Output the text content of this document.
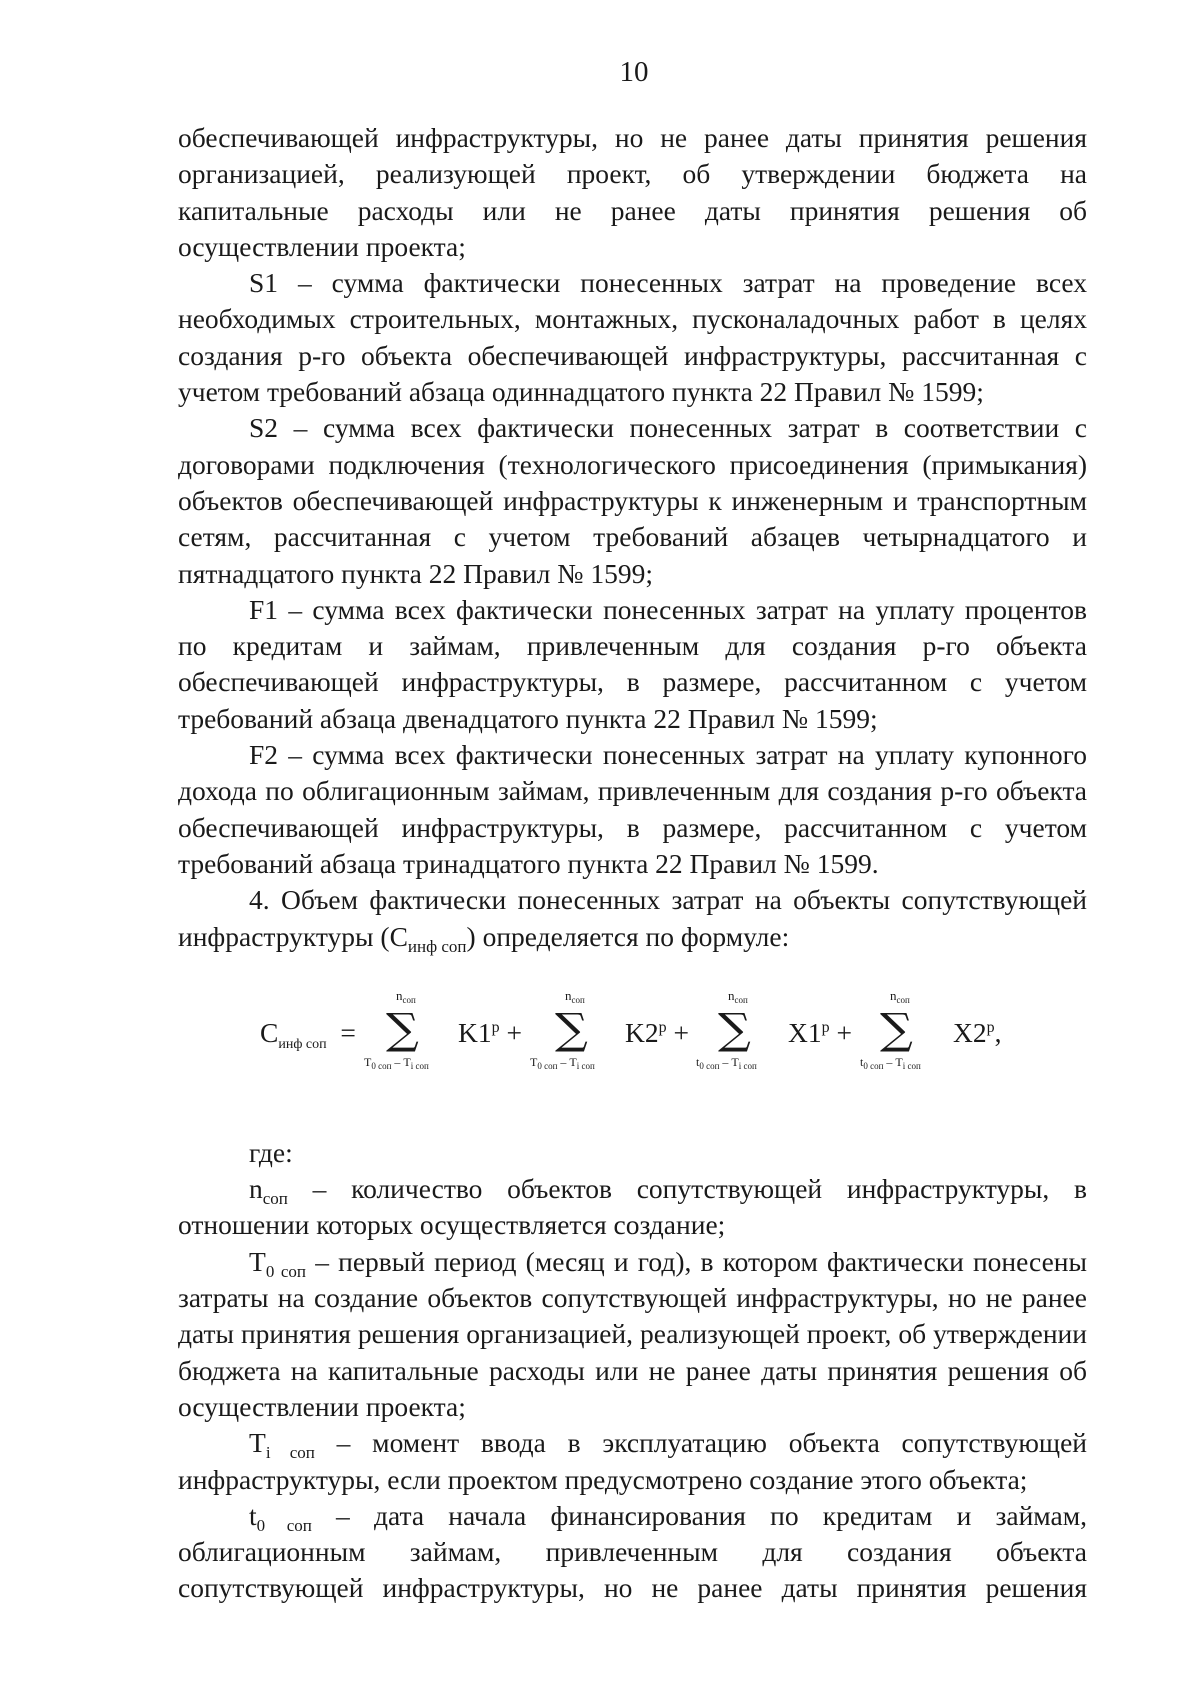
10

обеспечивающей инфраструктуры, но не ранее даты принятия решения организацией, реализующей проект, об утверждении бюджета на капитальные расходы или не ранее даты принятия решения об осуществлении проекта;

S1 – сумма фактически понесенных затрат на проведение всех необходимых строительных, монтажных, пусконаладочных работ в целях создания р-го объекта обеспечивающей инфраструктуры, рассчитанная с учетом требований абзаца одиннадцатого пункта 22 Правил № 1599;

S2 – сумма всех фактически понесенных затрат в соответствии с договорами подключения (технологического присоединения (примыкания) объектов обеспечивающей инфраструктуры к инженерным и транспортным сетям, рассчитанная с учетом требований абзацев четырнадцатого и пятнадцатого пункта 22 Правил № 1599;

F1 – сумма всех фактически понесенных затрат на уплату процентов по кредитам и займам, привлеченным для создания р-го объекта обеспечивающей инфраструктуры, в размере, рассчитанном с учетом требований абзаца двенадцатого пункта 22 Правил № 1599;

F2 – сумма всех фактически понесенных затрат на уплату купонного дохода по облигационным займам, привлеченным для создания р-го объекта обеспечивающей инфраструктуры, в размере, рассчитанном с учетом требований абзаца тринадцатого пункта 22 Правил № 1599.

4. Объем фактически понесенных затрат на объекты сопутствующей инфраструктуры $(С_{инф соп})$ определяется по формуле:

$С_{инф соп}$ =
$n_{соп}$
∑
$T_{0 соп} - T_{i соп}$
$K1^р$ +
$n_{соп}$
∑
$T_{0 соп} - T_{i соп}$
$K2^р$ +
$n_{соп}$
∑
$t_{0 соп} - T_{i соп}$
$X1^р$ +
$n_{соп}$
∑
$t_{0 соп} - T_{i соп}$
$X2^р$,

где:

$n_{соп}$ – количество объектов сопутствующей инфраструктуры, в отношении которых осуществляется создание;

$T_{0 соп}$ – первый период (месяц и год), в котором фактически понесены затраты на создание объектов сопутствующей инфраструктуры, но не ранее даты принятия решения организацией, реализующей проект, об утверждении бюджета на капитальные расходы или не ранее даты принятия решения об осуществлении проекта;

$T_{i соп}$ – момент ввода в эксплуатацию объекта сопутствующей инфраструктуры, если проектом предусмотрено создание этого объекта;

$t_{0 соп}$ – дата начала финансирования по кредитам и займам, облигационным займам, привлеченным для создания объекта сопутствующей инфраструктуры, но не ранее даты принятия решения
